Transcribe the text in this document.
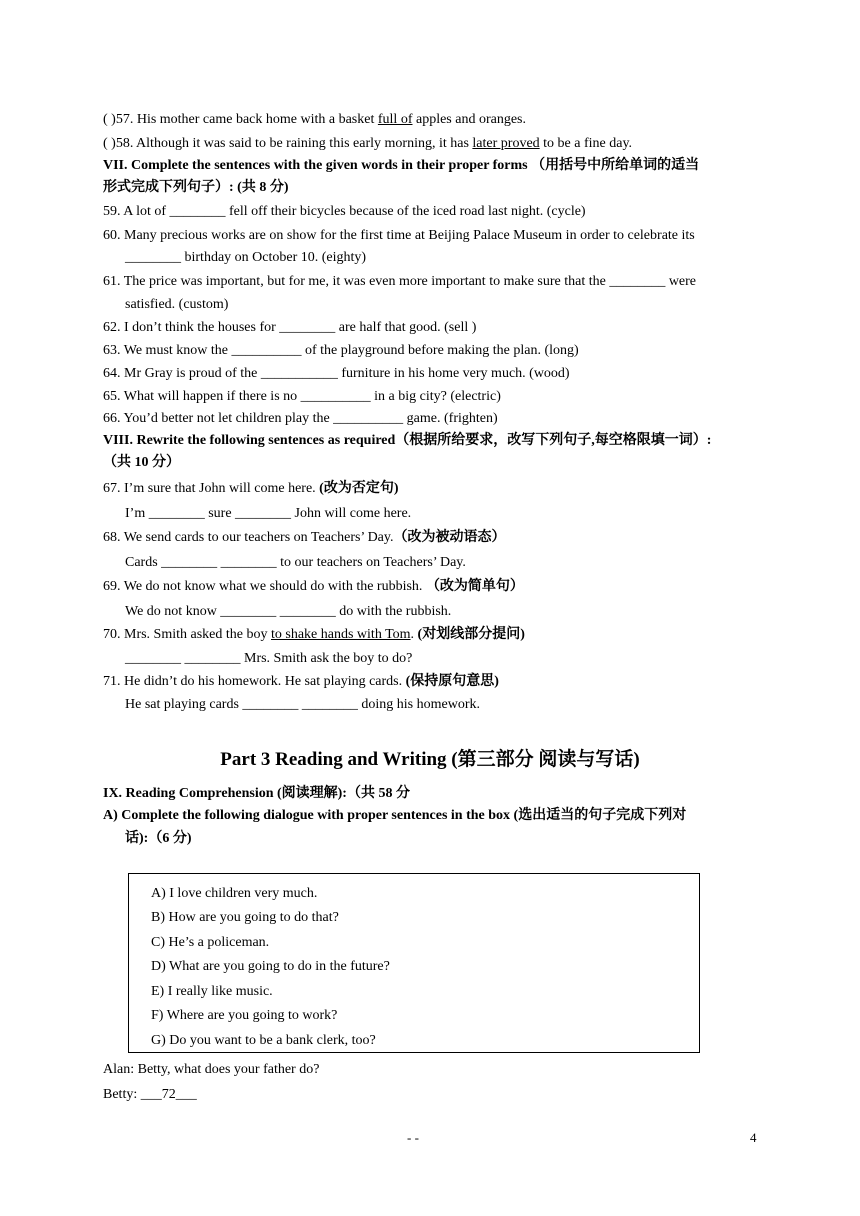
( )57. His mother came back home with a basket full of apples and oranges.
( )58. Although it was said to be raining this early morning, it has later proved to be a fine day.
VII. Complete the sentences with the given words in their proper forms （用括号中所给单词的适当
形式完成下列句子）: (共 8 分)
59. A lot of ________ fell off their bicycles because of the iced road last night. (cycle)
60. Many precious works are on show for the first time at Beijing Palace Museum in order to celebrate its
________ birthday on October 10. (eighty)
61. The price was important, but for me, it was even more important to make sure that the ________ were
satisfied. (custom)
62. I don’t think the houses for ________ are half that good. (sell )
63. We must know the __________ of the playground before making the plan. (long)
64. Mr Gray is proud of the ___________ furniture in his home very much. (wood)
65. What will happen if there is no __________ in a big city? (electric)
66. You’d better not let children play the __________ game. (frighten)
VIII. Rewrite the following sentences as required（根据所给要求，改写下列句子,每空格限填一词）:
（共 10 分）
67. I’m sure that John will come here. (改为否定句)
I’m ________ sure ________ John will come here.
68. We send cards to our teachers on Teachers’ Day.（改为被动语态）
Cards ________ ________ to our teachers on Teachers’ Day.
69. We do not know what we should do with the rubbish. （改为简单句）
We do not know ________ ________ do with the rubbish.
70. Mrs. Smith asked the boy to shake hands with Tom. (对划线部分提问)
________ ________ Mrs. Smith ask the boy to do?
71. He didn’t do his homework. He sat playing cards. (保持原句意思)
He sat playing cards ________ ________ doing his homework.
Part 3 Reading and Writing (第三部分 阅读与写话)
IX. Reading Comprehension (阅读理解):（共 58 分
A) Complete the following dialogue with proper sentences in the box (选出适当的句子完成下列对
话):（6 分)
A) I love children very much.
B) How are you going to do that?
C) He’s a policeman.
D) What are you going to do in the future?
E) I really like music.
F) Where are you going to work?
G) Do you want to be a bank clerk, too?
Alan: Betty, what does your father do?
Betty: ___72___
- -	4
